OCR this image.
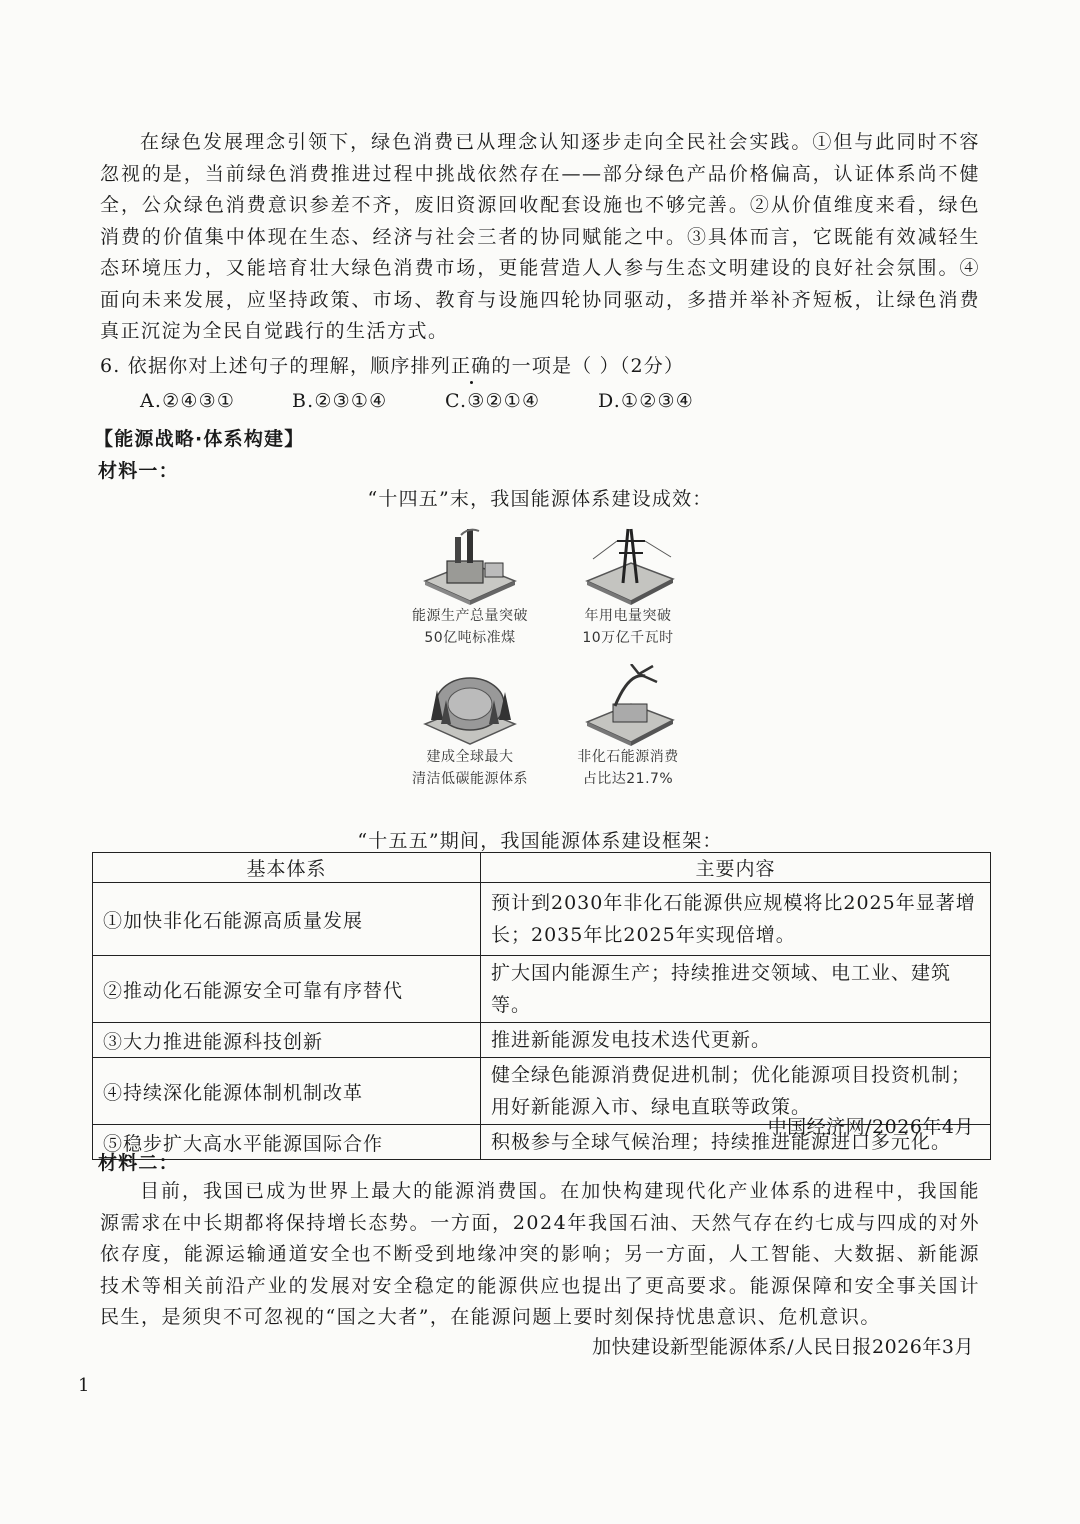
在绿色发展理念引领下，绿色消费已从理念认知逐步走向全民社会实践。①但与此同时不容忽视的是，当前绿色消费推进过程中挑战依然存在——部分绿色产品价格偏高，认证体系尚不健全，公众绿色消费意识参差不齐，废旧资源回收配套设施也不够完善。②从价值维度来看，绿色消费的价值集中体现在生态、经济与社会三者的协同赋能之中。③具体而言，它既能有效减轻生态环境压力，又能培育壮大绿色消费市场，更能营造人人参与生态文明建设的良好社会氛围。④面向未来发展，应坚持政策、市场、教育与设施四轮协同驱动，多措并举补齐短板，让绿色消费真正沉淀为全民自觉践行的生活方式。

6. 依据你对上述句子的理解，顺序排列正确的一项是（ ）（2分）
A.②④③①	B.②③①④	C.③②①④	D.①②③④
【能源战略·体系构建】
材料一：
“十四五”末，我国能源体系建设成效：
能源生产总量突破
50亿吨标准煤
年用电量突破
10万亿千瓦时
建成全球最大
清洁低碳能源体系
非化石能源消费
占比达21.7%
“十五五”期间，我国能源体系建设框架：
基本体系	主要内容
①加快非化石能源高质量发展	预计到2030年非化石能源供应规模将比2025年显著增长；2035年比2025年实现倍增。
②推动化石能源安全可靠有序替代	扩大国内能源生产；持续推进交领域、电工业、建筑等。
③大力推进能源科技创新	推进新能源发电技术迭代更新。
④持续深化能源体制机制改革	健全绿色能源消费促进机制；优化能源项目投资机制；用好新能源入市、绿电直联等政策。
⑤稳步扩大高水平能源国际合作	积极参与全球气候治理；持续推进能源进口多元化。
中国经济网/2026年4月
材料二：

目前，我国已成为世界上最大的能源消费国。在加快构建现代化产业体系的进程中，我国能源需求在中长期都将保持增长态势。一方面，2024年我国石油、天然气存在约七成与四成的对外依存度，能源运输通道安全也不断受到地缘冲突的影响；另一方面，人工智能、大数据、新能源技术等相关前沿产业的发展对安全稳定的能源供应也提出了更高要求。能源保障和安全事关国计民生，是须臾不可忽视的“国之大者”，在能源问题上要时刻保持忧患意识、危机意识。

加快建设新型能源体系/人民日报2026年3月
1
